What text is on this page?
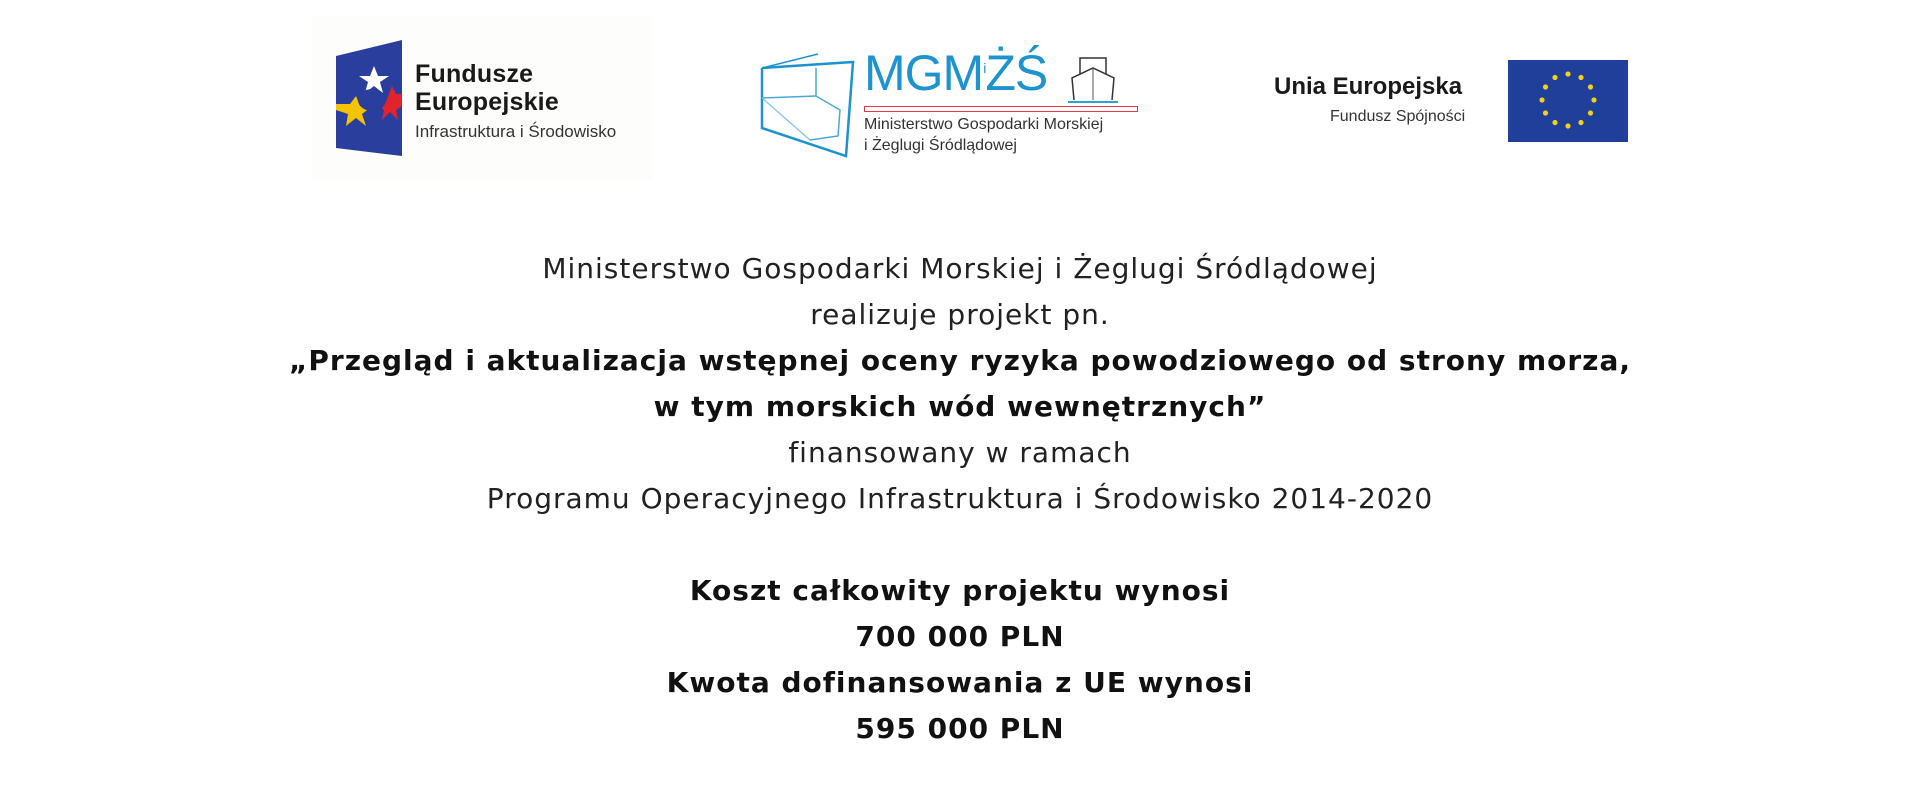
Fundusze
Europejskie
Infrastruktura i Środowisko
MGM$^i$ŻŚ
Ministerstwo Gospodarki Morskiej
i Żeglugi Śródlądowej
Unia Europejska
Fundusz Spójności
Ministerstwo Gospodarki Morskiej i Żeglugi Śródlądowej
realizuje projekt pn.
„Przegląd i aktualizacja wstępnej oceny ryzyka powodziowego od strony morza,
w tym morskich wód wewnętrznych”
finansowany w ramach
Programu Operacyjnego Infrastruktura i Środowisko 2014-2020
Koszt całkowity projektu wynosi
700 000 PLN
Kwota dofinansowania z UE wynosi
595 000 PLN
